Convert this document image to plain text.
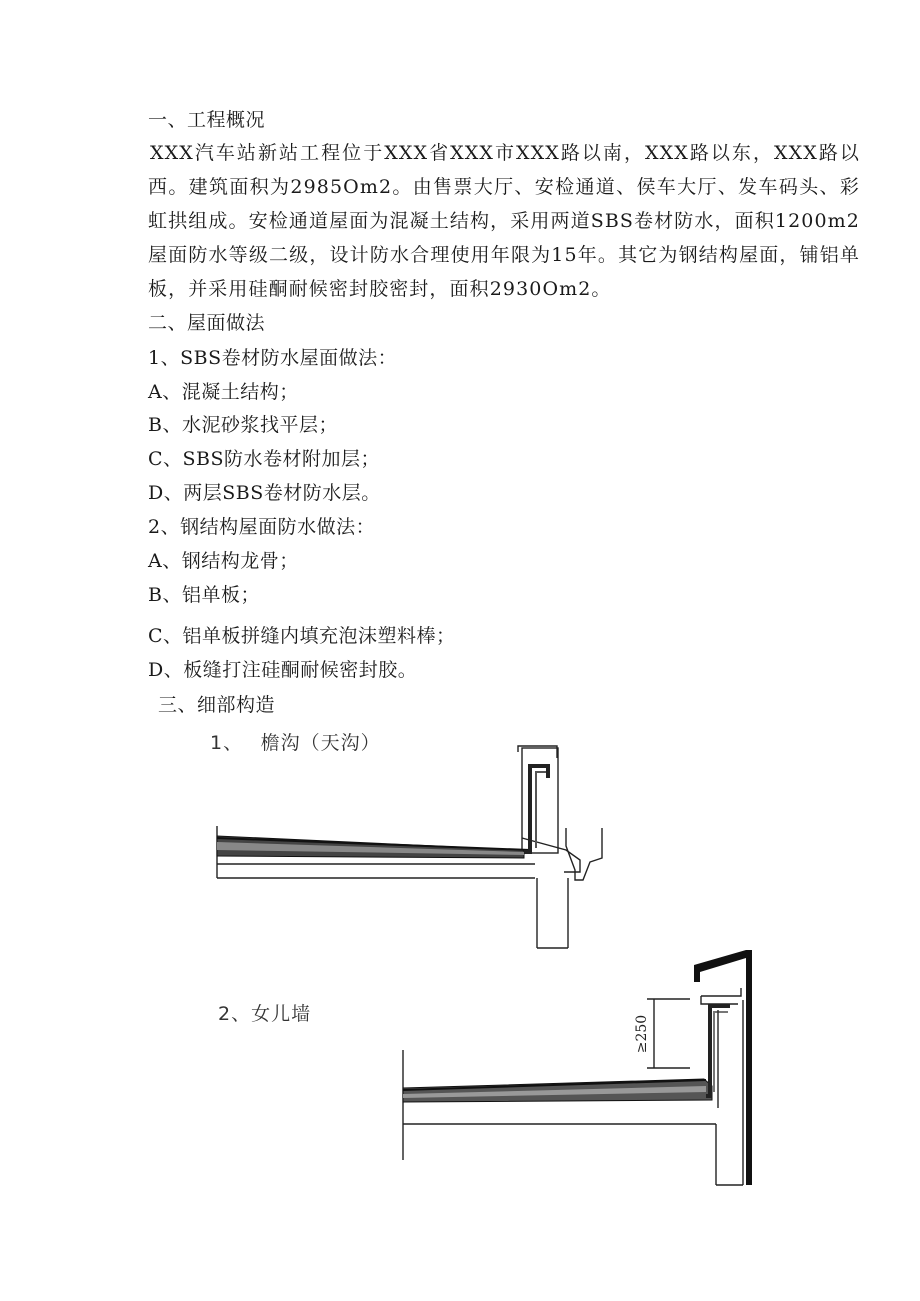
一、工程概况
XXX汽车站新站工程位于XXX省XXX市XXX路以南，XXX路以东，XXX路以西。建筑面积为2985Om2。由售票大厅、安检通道、侯车大厅、发车码头、彩虹拱组成。安检通道屋面为混凝土结构，采用两道SBS卷材防水，面积1200m2屋面防水等级二级，设计防水合理使用年限为15年。其它为钢结构屋面，铺铝单板，并采用硅酮耐候密封胶密封，面积2930Om2。
二、屋面做法
1、SBS卷材防水屋面做法：
A、混凝土结构；
B、水泥砂浆找平层；
C、SBS防水卷材附加层；
D、两层SBS卷材防水层。
2、钢结构屋面防水做法：
A、钢结构龙骨；
B、铝单板；
C、铝单板拼缝内填充泡沫塑料棒；
D、板缝打注硅酮耐候密封胶。
三、细部构造
1、　 檐沟（天沟）
2、女儿墙
≥250
